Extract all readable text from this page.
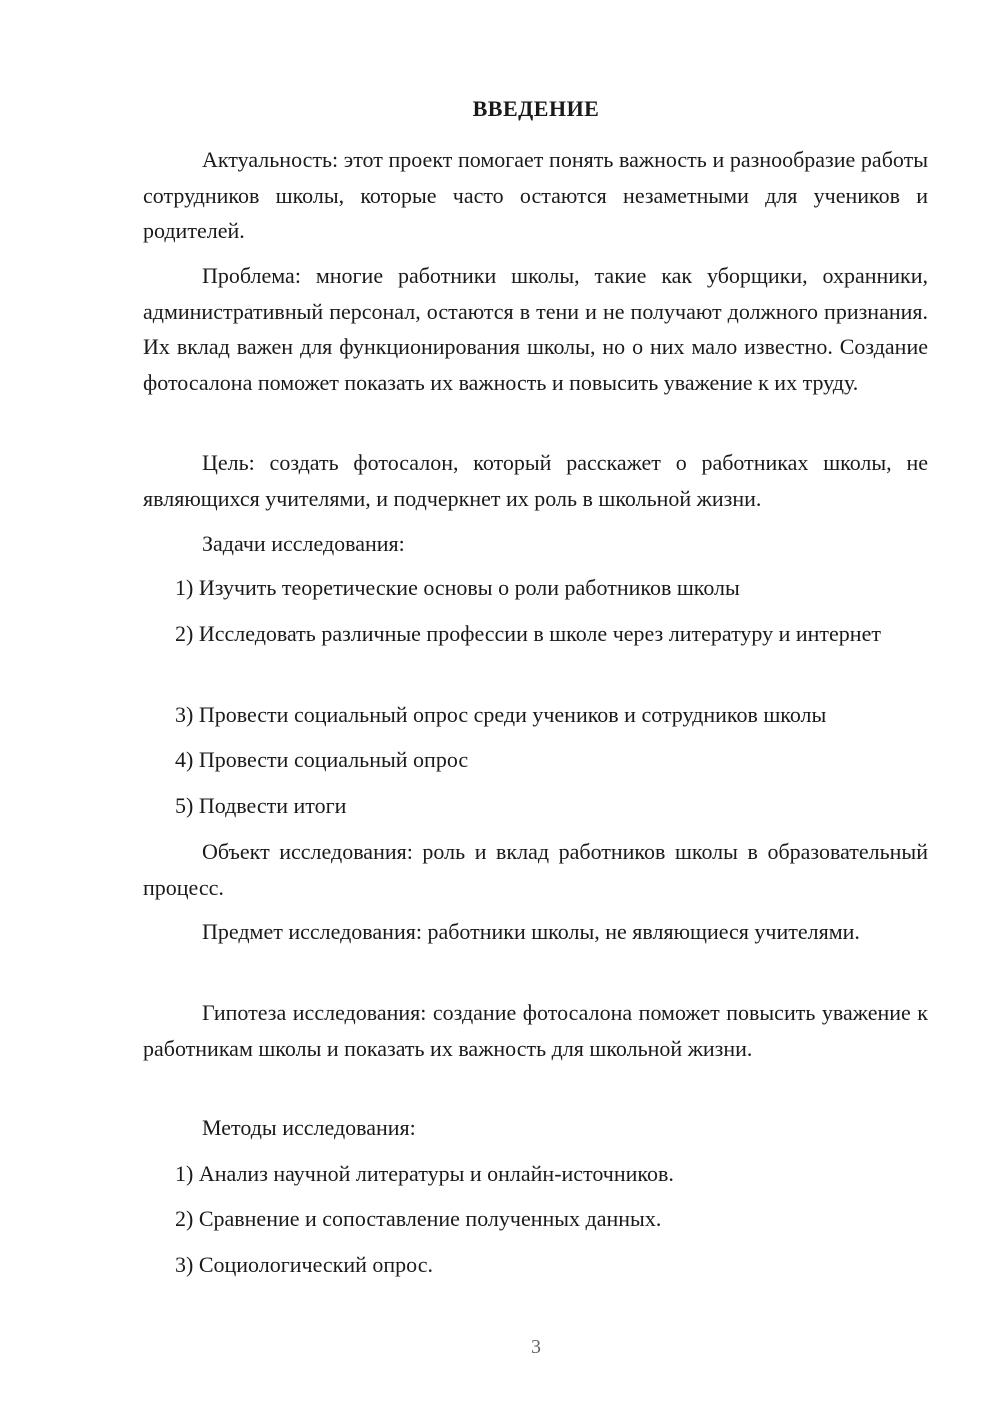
ВВЕДЕНИЕ
Актуальность: этот проект помогает понять важность и разнообразие работы сотрудников школы, которые часто остаются незаметными для учеников и родителей.
Проблема: многие работники школы, такие как уборщики, охранники, административный персонал, остаются в тени и не получают должного признания. Их вклад важен для функционирования школы, но о них мало известно. Создание фотосалона поможет показать их важность и повысить уважение к их труду.
Цель: создать фотосалон, который расскажет о работниках школы, не являющихся учителями, и подчеркнет их роль в школьной жизни.
Задачи исследования:
1) Изучить теоретические основы о роли работников школы
2) Исследовать различные профессии в школе через литературу и интернет
3) Провести социальный опрос среди учеников и сотрудников школы
4) Провести социальный опрос
5) Подвести итоги
Объект исследования: роль и вклад работников школы в образовательный процесс.
Предмет исследования: работники школы, не являющиеся учителями.
Гипотеза исследования: создание фотосалона поможет повысить уважение к работникам школы и показать их важность для школьной жизни.
Методы исследования:
1) Анализ научной литературы и онлайн-источников.
2) Сравнение и сопоставление полученных данных.
3) Социологический опрос.
3
